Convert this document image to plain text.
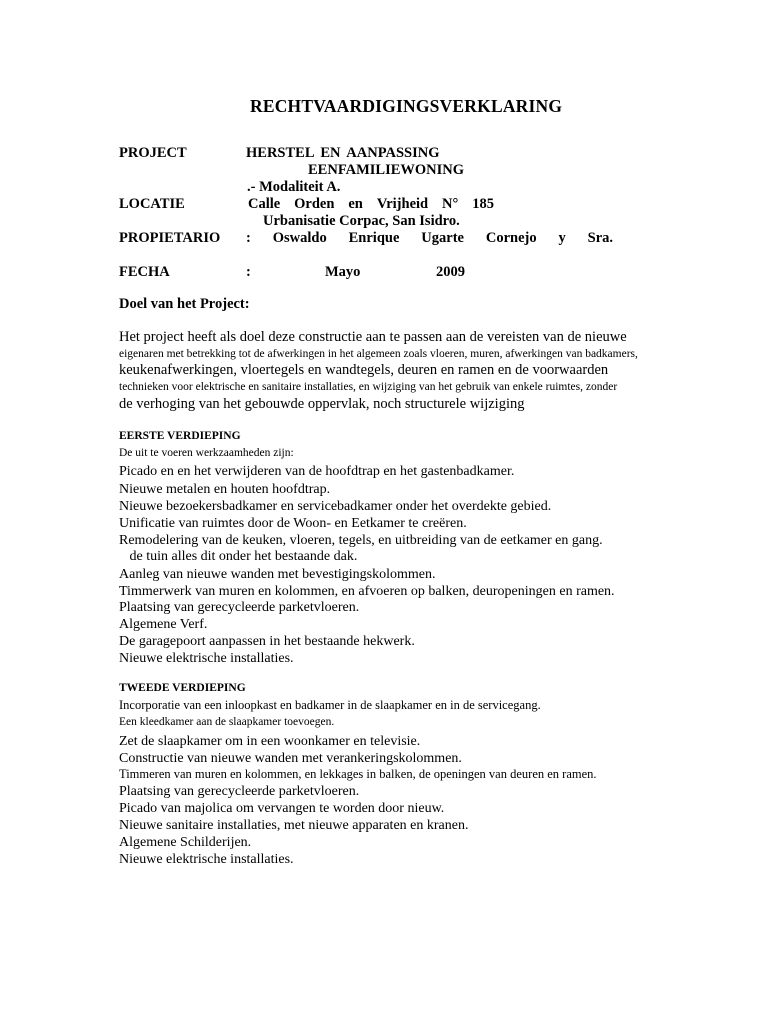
RECHTVAARDIGINGSVERKLARING
PROJECT	HERSTEL EN AANPASSING
EENFAMILIEWONING
.- Modaliteit A.
LOCATIE	Calle Orden en Vrijheid N° 185
Urbanisatie Corpac, San Isidro.
PROPIETARIO : Oswaldo Enrique Ugarte Cornejo y Sra.
FECHA	:	Mayo	2009
Doel van het Project:
Het project heeft als doel deze constructie aan te passen aan de vereisten van de nieuwe
eigenaren met betrekking tot de afwerkingen in het algemeen zoals vloeren, muren, afwerkingen van badkamers,
keukenafwerkingen, vloertegels en wandtegels, deuren en ramen en de voorwaarden
technieken voor elektrische en sanitaire installaties, en wijziging van het gebruik van enkele ruimtes, zonder
de verhoging van het gebouwde oppervlak, noch structurele wijziging
EERSTE VERDIEPING
De uit te voeren werkzaamheden zijn:
Picado en en het verwijderen van de hoofdtrap en het gastenbadkamer.
Nieuwe metalen en houten hoofdtrap.
Nieuwe bezoekersbadkamer en servicebadkamer onder het overdekte gebied.
Unificatie van ruimtes door de Woon- en Eetkamer te creëren.
Remodelering van de keuken, vloeren, tegels, en uitbreiding van de eetkamer en gang.
de tuin alles dit onder het bestaande dak.
Aanleg van nieuwe wanden met bevestigingskolommen.
Timmerwerk van muren en kolommen, en afvoeren op balken, deuropeningen en ramen.
Plaatsing van gerecycleerde parketvloeren.
Algemene Verf.
De garagepoort aanpassen in het bestaande hekwerk.
Nieuwe elektrische installaties.
TWEEDE VERDIEPING
Incorporatie van een inloopkast en badkamer in de slaapkamer en in de servicegang.
Een kleedkamer aan de slaapkamer toevoegen.
Zet de slaapkamer om in een woonkamer en televisie.
Constructie van nieuwe wanden met verankeringskolommen.
Timmeren van muren en kolommen, en lekkages in balken, de openingen van deuren en ramen.
Plaatsing van gerecycleerde parketvloeren.
Picado van majolica om vervangen te worden door nieuw.
Nieuwe sanitaire installaties, met nieuwe apparaten en kranen.
Algemene Schilderijen.
Nieuwe elektrische installaties.
